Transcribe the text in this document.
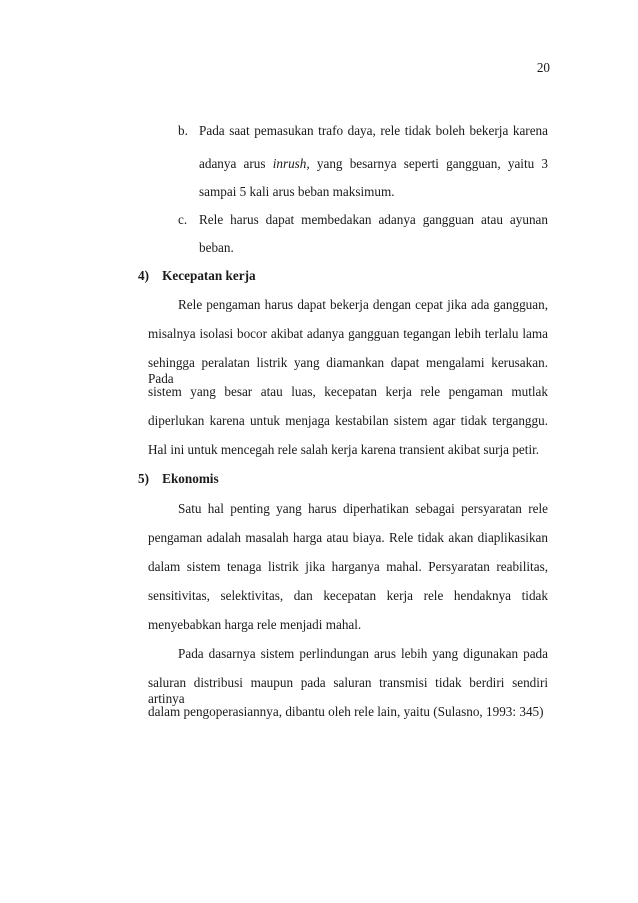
20
b. Pada saat pemasukan trafo daya, rele tidak boleh bekerja karena
adanya arus inrush, yang besarnya seperti gangguan, yaitu 3
sampai 5 kali arus beban maksimum.
c. Rele harus dapat membedakan adanya gangguan atau ayunan
beban.
4) Kecepatan kerja
Rele pengaman harus dapat bekerja dengan cepat jika ada gangguan,
misalnya isolasi bocor akibat adanya gangguan tegangan lebih terlalu lama
sehingga peralatan listrik yang diamankan dapat mengalami kerusakan. Pada
sistem yang besar atau luas, kecepatan kerja rele pengaman mutlak
diperlukan karena untuk menjaga kestabilan sistem agar tidak terganggu.
Hal ini untuk mencegah rele salah kerja karena transient akibat surja petir.
5) Ekonomis
Satu hal penting yang harus diperhatikan sebagai persyaratan rele
pengaman adalah masalah harga atau biaya. Rele tidak akan diaplikasikan
dalam sistem tenaga listrik jika harganya mahal. Persyaratan reabilitas,
sensitivitas, selektivitas, dan kecepatan kerja rele hendaknya tidak
menyebabkan harga rele menjadi mahal.
Pada dasarnya sistem perlindungan arus lebih yang digunakan pada
saluran distribusi maupun pada saluran transmisi tidak berdiri sendiri artinya
dalam pengoperasiannya, dibantu oleh rele lain, yaitu (Sulasno, 1993: 345)
